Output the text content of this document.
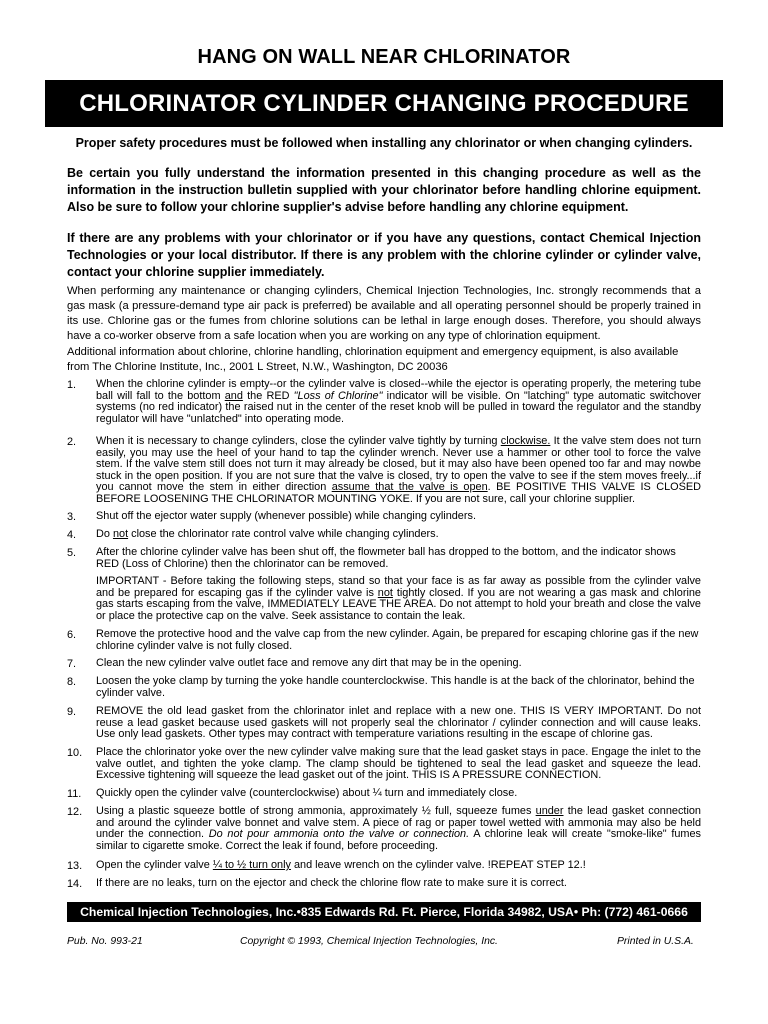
HANG ON WALL NEAR CHLORINATOR
CHLORINATOR CYLINDER CHANGING PROCEDURE
Proper safety procedures must be followed when installing any chlorinator or when changing cylinders.
Be certain you fully understand the information presented in this changing procedure as well as the information in the instruction bulletin supplied with your chlorinator before handling chlorine equipment. Also be sure to follow your chlorine supplier's advise before handling any chlorine equipment.
If there are any problems with your chlorinator or if you have any questions, contact Chemical Injection Technologies or your local distributor. If there is any problem with the chlorine cylinder or cylinder valve, contact your chlorine supplier immediately.
When performing any maintenance or changing cylinders, Chemical Injection Technologies, Inc. strongly recommends that a gas mask (a pressure-demand type air pack is preferred) be available and all operating personnel should be properly trained in its use. Chlorine gas or the fumes from chlorine solutions can be lethal in large enough doses. Therefore, you should always have a co-worker observe from a safe location when you are working on any type of chlorination equipment.
Additional information about chlorine, chlorine handling, chlorination equipment and emergency equipment, is also available from The Chlorine Institute, Inc., 2001 L Street, N.W., Washington, DC 20036
1.	When the chlorine cylinder is empty--or the cylinder valve is closed--while the ejector is operating properly, the metering tube ball will fall to the bottom and the RED "Loss of Chlorine" indicator will be visible. On "latching" type automatic switchover systems (no red indicator) the raised nut in the center of the reset knob will be pulled in toward the regulator and the standby regulator will have "unlatched" into operating mode.
2.	When it is necessary to change cylinders, close the cylinder valve tightly by turning clockwise. It the valve stem does not turn easily, you may use the heel of your hand to tap the cylinder wrench. Never use a hammer or other tool to force the valve stem. If the valve stem still does not turn it may already be closed, but it may also have been opened too far and may nowbe stuck in the open position. If you are not sure that the valve is closed, try to open the valve to see if the stem moves freely...if you cannot move the stem in either direction assume that the valve is open. BE POSITIVE THIS VALVE IS CLOSED BEFORE LOOSENING THE CHLORINATOR MOUNTING YOKE. If you are not sure, call your chlorine supplier.
3.	Shut off the ejector water supply (whenever possible) while changing cylinders.
4.	Do not close the chlorinator rate control valve while changing cylinders.
5.	After the chlorine cylinder valve has been shut off, the flowmeter ball has dropped to the bottom, and the indicator shows RED (Loss of Chlorine) then the chlorinator can be removed.
IMPORTANT - Before taking the following steps, stand so that your face is as far away as possible from the cylinder valve and be prepared for escaping gas if the cylinder valve is not tightly closed. If you are not wearing a gas mask and chlorine gas starts escaping from the valve, IMMEDIATELY LEAVE THE AREA. Do not attempt to hold your breath and close the valve or place the protective cap on the valve. Seek assistance to contain the leak.
6.	Remove the protective hood and the valve cap from the new cylinder. Again, be prepared for escaping chlorine gas if the new chlorine cylinder valve is not fully closed.
7.	Clean the new cylinder valve outlet face and remove any dirt that may be in the opening.
8.	Loosen the yoke clamp by turning the yoke handle counterclockwise. This handle is at the back of the chlorinator, behind the cylinder valve.
9.	REMOVE the old lead gasket from the chlorinator inlet and replace with a new one. THIS IS VERY IMPORTANT. Do not reuse a lead gasket because used gaskets will not properly seal the chlorinator / cylinder connection and will cause leaks. Use only lead gaskets. Other types may contract with temperature variations resulting in the escape of chlorine gas.
10.	Place the chlorinator yoke over the new cylinder valve making sure that the lead gasket stays in pace. Engage the inlet to the valve outlet, and tighten the yoke clamp. The clamp should be tightened to seal the lead gasket and squeeze the lead. Excessive tightening will squeeze the lead gasket out of the joint. THIS IS A PRESSURE CONNECTION.
11.	Quickly open the cylinder valve (counterclockwise) about ¼ turn and immediately close.
12.	Using a plastic squeeze bottle of strong ammonia, approximately ½ full, squeeze fumes under the lead gasket connection and around the cylinder valve bonnet and valve stem. A piece of rag or paper towel wetted with ammonia may also be held under the connection. Do not pour ammonia onto the valve or connection. A chlorine leak will create "smoke-like" fumes similar to cigarette smoke. Correct the leak if found, before proceeding.
13.	Open the cylinder valve ¼ to ½ turn only and leave wrench on the cylinder valve. !REPEAT STEP 12.!
14.	If there are no leaks, turn on the ejector and check the chlorine flow rate to make sure it is correct.
Chemical Injection Technologies, Inc.•835 Edwards Rd. Ft. Pierce, Florida 34982, USA• Ph: (772) 461-0666
Pub. No. 993-21	Copyright © 1993, Chemical Injection Technologies, Inc.	Printed in U.S.A.
